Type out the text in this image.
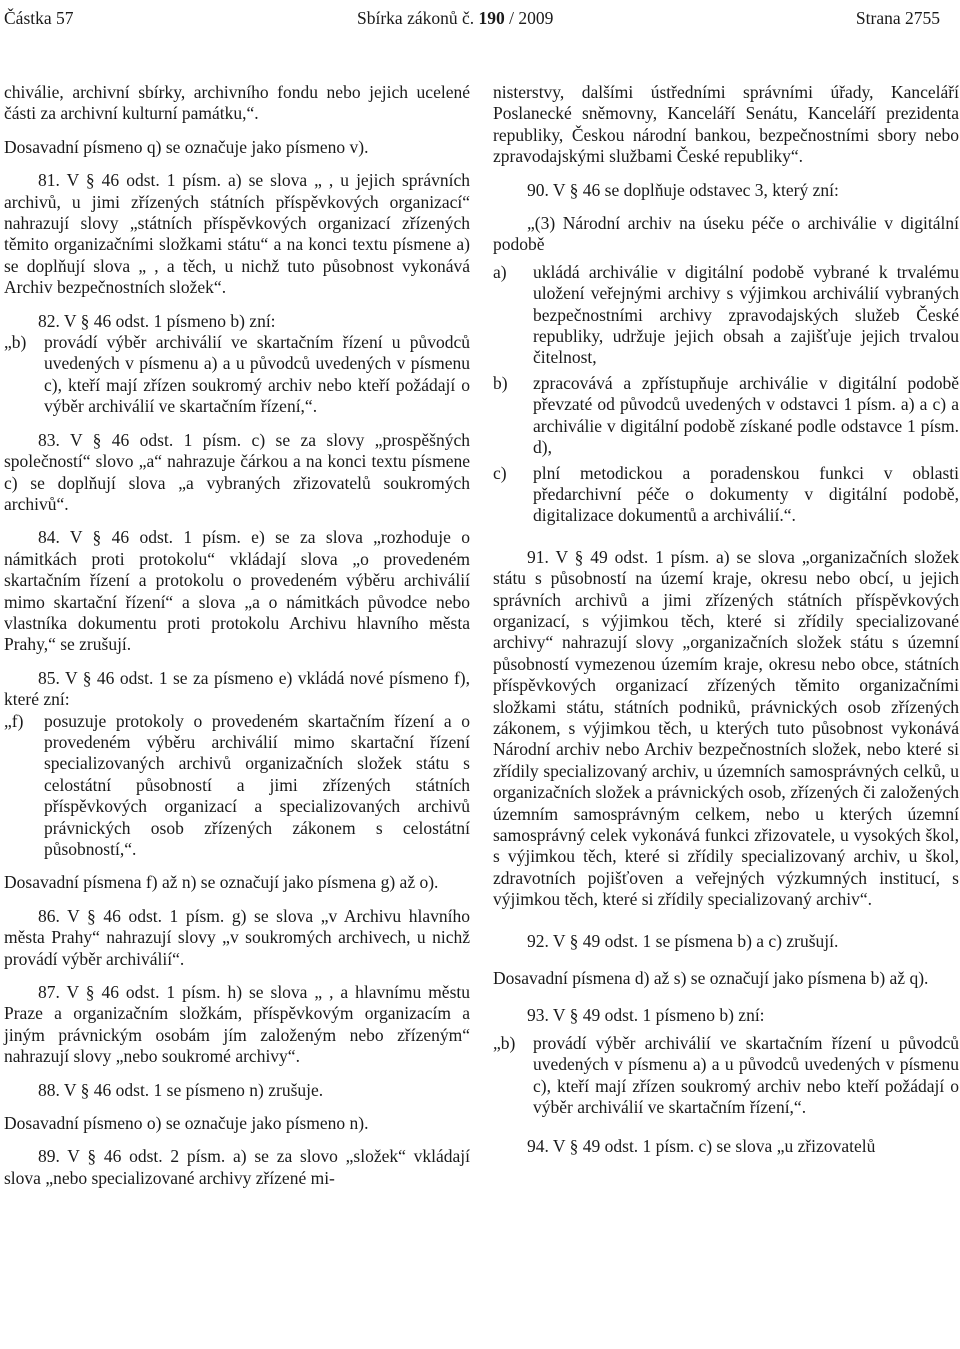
Částka 57	Sbírka zákonů č. 190 / 2009	Strana 2755

chiválie, archivní sbírky, archivního fondu nebo jejich ucelené části za archivní kulturní památku,“.

Dosavadní písmeno q) se označuje jako písmeno v).

81. V § 46 odst. 1 písm. a) se slova „ , u jejich správních archivů, u jimi zřízených státních příspěvkových organizací“ nahrazují slovy „státních příspěvkových organizací zřízených těmito organizačními složkami státu“ a na konci textu písmene a) se doplňují slova „ , a těch, u nichž tuto působnost vykonává Archiv bezpečnostních složek“.

82. V § 46 odst. 1 písmeno b) zní:

„b) provádí výběr archiválií ve skartačním řízení u původců uvedených v písmenu a) a u původců uvedených v písmenu c), kteří mají zřízen soukromý archiv nebo kteří požádají o výběr archiválií ve skartačním řízení,“.

83. V § 46 odst. 1 písm. c) se za slovy „prospěšných společností“ slovo „a“ nahrazuje čárkou a na konci textu písmene c) se doplňují slova „a vybraných zřizovatelů soukromých archivů“.

84. V § 46 odst. 1 písm. e) se za slova „rozhoduje o námitkách proti protokolu“ vkládají slova „o provedeném skartačním řízení a protokolu o provedeném výběru archiválií mimo skartační řízení“ a slova „a o námitkách původce nebo vlastníka dokumentu proti protokolu Archivu hlavního města Prahy,“ se zrušují.

85. V § 46 odst. 1 se za písmeno e) vkládá nové písmeno f), které zní:

„f) posuzuje protokoly o provedeném skartačním řízení a o provedeném výběru archiválií mimo skartační řízení specializovaných archivů organizačních složek státu s celostátní působností a jimi zřízených státních příspěvkových organizací a specializovaných archivů právnických osob zřízených zákonem s celostátní působností,“.

Dosavadní písmena f) až n) se označují jako písmena g) až o).

86. V § 46 odst. 1 písm. g) se slova „v Archivu hlavního města Prahy“ nahrazují slovy „v soukromých archivech, u nichž provádí výběr archiválií“.

87. V § 46 odst. 1 písm. h) se slova „ , a hlavnímu městu Praze a organizačním složkám, příspěvkovým organizacím a jiným právnickým osobám jím založeným nebo zřízeným“ nahrazují slovy „nebo soukromé archivy“.

88. V § 46 odst. 1 se písmeno n) zrušuje.

Dosavadní písmeno o) se označuje jako písmeno n).

89. V § 46 odst. 2 písm. a) se za slovo „složek“ vkládají slova „nebo specializované archivy zřízené mi-

nisterstvy, dalšími ústředními správními úřady, Kanceláří Poslanecké sněmovny, Kanceláří Senátu, Kanceláří prezidenta republiky, Českou národní bankou, bezpečnostními sbory nebo zpravodajskými službami České republiky“.

90. V § 46 se doplňuje odstavec 3, který zní:

„(3) Národní archiv na úseku péče o archiválie v digitální podobě

a) ukládá archiválie v digitální podobě vybrané k trvalému uložení veřejnými archivy s výjimkou archiválií vybraných bezpečnostními archivy zpravodajských služeb České republiky, udržuje jejich obsah a zajišťuje jejich trvalou čitelnost,
b) zpracovává a zpřístupňuje archiválie v digitální podobě převzaté od původců uvedených v odstavci 1 písm. a) a c) a archiválie v digitální podobě získané podle odstavce 1 písm. d),
c) plní metodickou a poradenskou funkci v oblasti předarchivní péče o dokumenty v digitální podobě, digitalizace dokumentů a archiválií.“.

91. V § 49 odst. 1 písm. a) se slova „organizačních složek státu s působností na území kraje, okresu nebo obcí, u jejich správních archivů a jimi zřízených státních příspěvkových organizací, s výjimkou těch, které si zřídily specializované archivy“ nahrazují slovy „organizačních složek státu s územní působností vymezenou územím kraje, okresu nebo obce, státních příspěvkových organizací zřízených těmito organizačními složkami státu, státních podniků, právnických osob zřízených zákonem, s výjimkou těch, u kterých tuto působnost vykonává Národní archiv nebo Archiv bezpečnostních složek, nebo které si zřídily specializovaný archiv, u územních samosprávných celků, u organizačních složek a právnických osob, zřízených či založených územním samosprávným celkem, nebo u kterých územní samosprávný celek vykonává funkci zřizovatele, u vysokých škol, s výjimkou těch, které si zřídily specializovaný archiv, u škol, zdravotních pojišťoven a veřejných výzkumných institucí, s výjimkou těch, které si zřídily specializovaný archiv“.

92. V § 49 odst. 1 se písmena b) a c) zrušují.

Dosavadní písmena d) až s) se označují jako písmena b) až q).

93. V § 49 odst. 1 písmeno b) zní:

„b) provádí výběr archiválií ve skartačním řízení u původců uvedených v písmenu a) a u původců uvedených v písmenu c), kteří mají zřízen soukromý archiv nebo kteří požádají o výběr archiválií ve skartačním řízení,“.

94. V § 49 odst. 1 písm. c) se slova „u zřizovatelů
